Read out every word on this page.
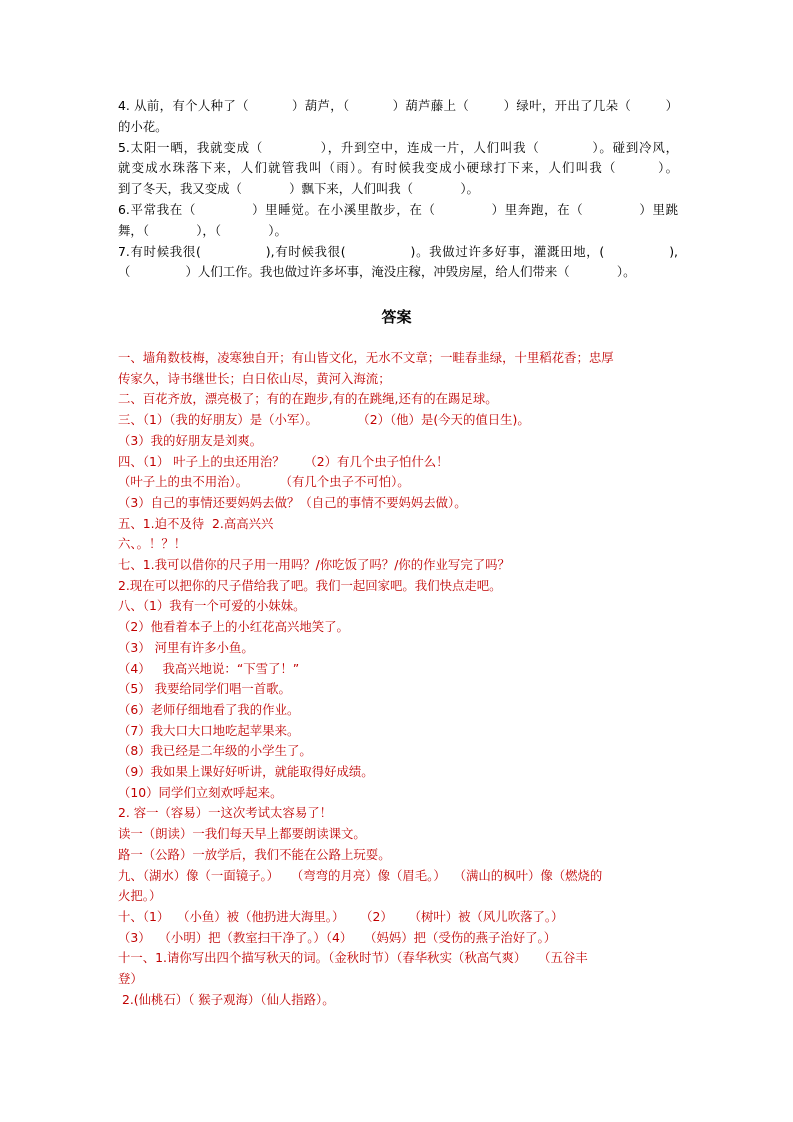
4. 从前，有个人种了（          ）葫芦，（          ）葫芦藤上（        ）绿叶，开出了几朵（        ）

的小花。

5.太阳一晒，我就变成（            ），升到空中，连成一片，人们叫我（           ）。碰到冷风，

就变成水珠落下来，人们就管我叫（雨）。有时候我变成小硬球打下来，人们叫我（        ）。

到了冬天，我又变成（            ）飘下来，人们叫我（            ）。

6.平常我在（            ）里睡觉。在小溪里散步，在（            ）里奔跑，在（            ）里跳

舞，（            ），（            ）。

7.有时候我很(              ),有时候我很(              )。我做过许多好事，灌溉田地，(              ),

（              ）人们工作。我也做过许多坏事，淹没庄稼，冲毁房屋，给人们带来（            ）。

答案

一、墙角数枝梅，凌寒独自开；有山皆文化，无水不文章；一畦春韭绿，十里稻花香；忠厚

传家久，诗书继世长；白日依山尽，黄河入海流；

二、百花齐放，漂亮极了；有的在跑步,有的在跳绳,还有的在踢足球。

三、（1）（我的好朋友）是（小军）。          （2）（他）是(今天的值日生)。

（3）我的好朋友是刘爽。

四、（1） 叶子上的虫还用治？     （2）有几个虫子怕什么！

（叶子上的虫不用治）。        （有几个虫子不可怕）。

（3）自己的事情还要妈妈去做？（自己的事情不要妈妈去做）。

五、1.迫不及待  2.高高兴兴

六、。！？！

七、1.我可以借你的尺子用一用吗？/你吃饭了吗？/你的作业写完了吗？

2.现在可以把你的尺子借给我了吧。我们一起回家吧。我们快点走吧。

八、（1）我有一个可爱的小妹妹。

（2）他看着本子上的小红花高兴地笑了。

（3） 河里有许多小鱼。

（4）   我高兴地说：“下雪了！”

（5） 我要给同学们唱一首歌。

（6）老师仔细地看了我的作业。

（7）我大口大口地吃起苹果来。

（8）我已经是二年级的小学生了。

（9）我如果上课好好听讲，就能取得好成绩。

（10）同学们立刻欢呼起来。

2. 容一（容易）一这次考试太容易了！

读一（朗读）一我们每天早上都要朗读课文。

路一（公路）一放学后，我们不能在公路上玩耍。

九、（湖水）像（一面镜子。）   （弯弯的月亮）像（眉毛。）  （满山的枫叶）像（燃烧的

火把。）

十、（1）  （小鱼）被（他扔进大海里。）    （2）    （树叶）被（风儿吹落了。）

（3）  （小明）把（教室扫干净了。）（4）   （妈妈）把（受伤的燕子治好了。）

十一、1.请你写出四个描写秋天的词。（金秋时节）（春华秋实（秋高气爽）   （五谷丰

登）

2.(仙桃石）（ 猴子观海）（仙人指路）。
